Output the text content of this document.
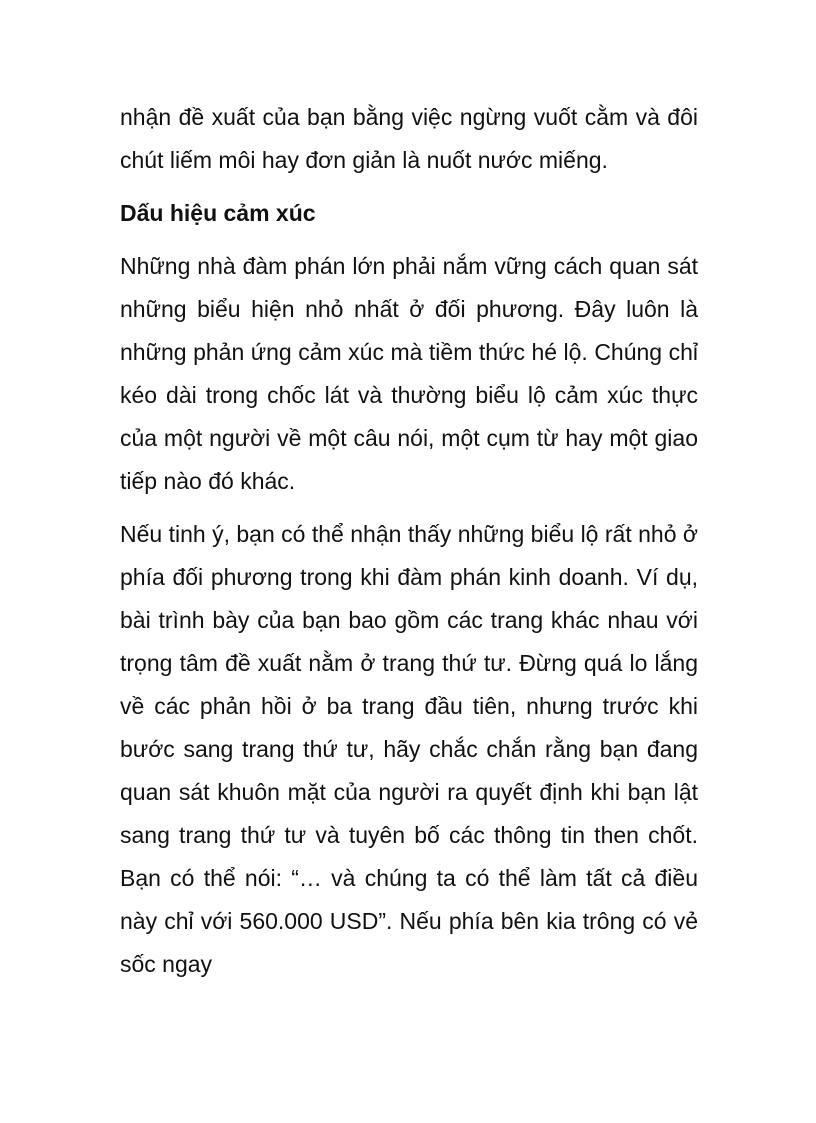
nhận đề xuất của bạn bằng việc ngừng vuốt cằm và đôi chút liếm môi hay đơn giản là nuốt nước miếng.

Dấu hiệu cảm xúc

Những nhà đàm phán lớn phải nắm vững cách quan sát những biểu hiện nhỏ nhất ở đối phương. Đây luôn là những phản ứng cảm xúc mà tiềm thức hé lộ. Chúng chỉ kéo dài trong chốc lát và thường biểu lộ cảm xúc thực của một người về một câu nói, một cụm từ hay một giao tiếp nào đó khác.

Nếu tinh ý, bạn có thể nhận thấy những biểu lộ rất nhỏ ở phía đối phương trong khi đàm phán kinh doanh. Ví dụ, bài trình bày của bạn bao gồm các trang khác nhau với trọng tâm đề xuất nằm ở trang thứ tư. Đừng quá lo lắng về các phản hồi ở ba trang đầu tiên, nhưng trước khi bước sang trang thứ tư, hãy chắc chắn rằng bạn đang quan sát khuôn mặt của người ra quyết định khi bạn lật sang trang thứ tư và tuyên bố các thông tin then chốt. Bạn có thể nói: “… và chúng ta có thể làm tất cả điều này chỉ với 560.000 USD”. Nếu phía bên kia trông có vẻ sốc ngay
